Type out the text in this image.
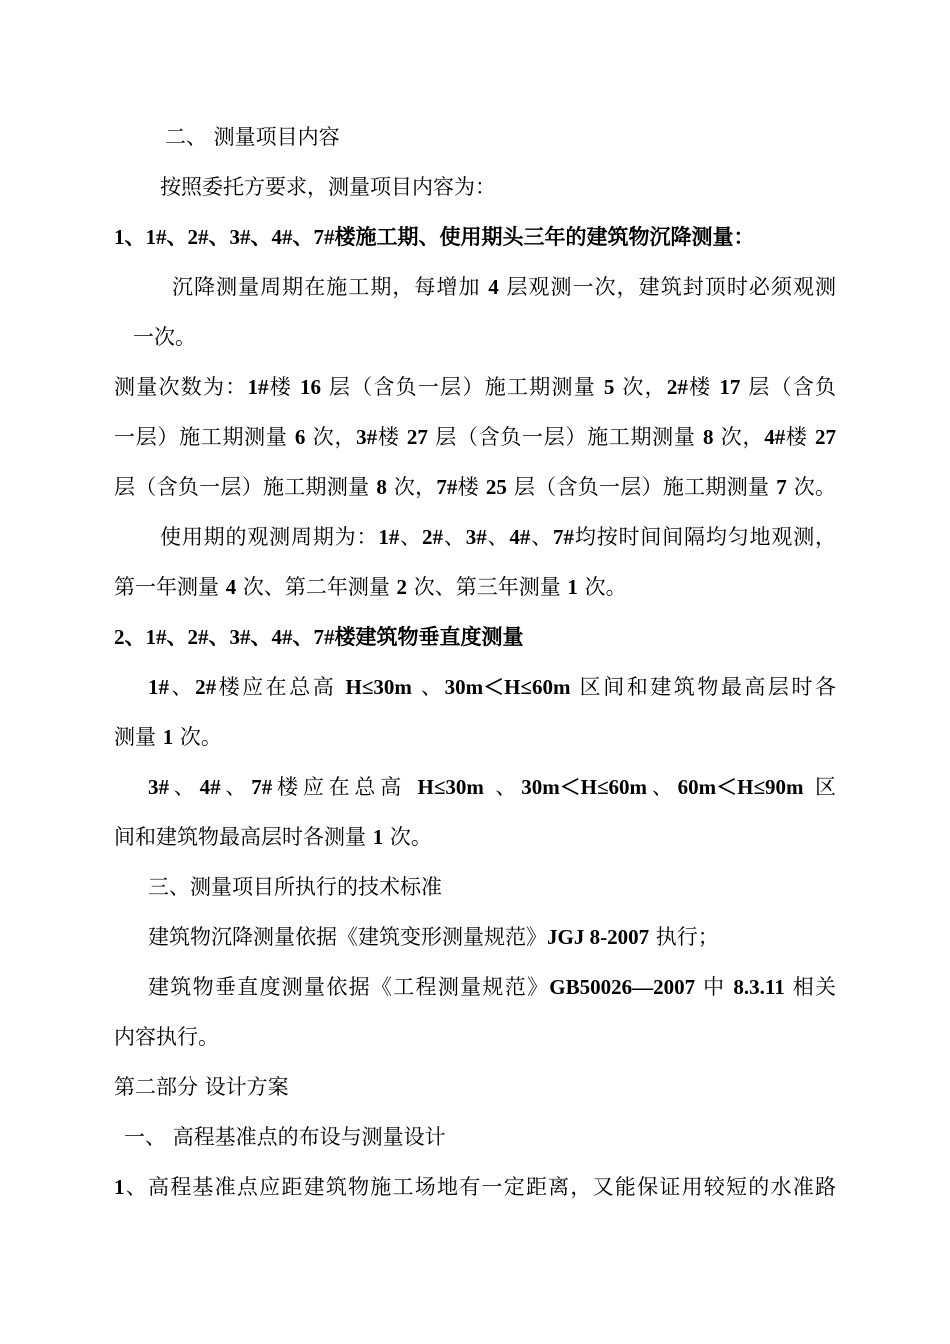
二、 测量项目内容
按照委托方要求，测量项目内容为：
1、1#、2#、3#、4#、7#楼施工期、使用期头三年的建筑物沉降测量：
沉降测量周期在施工期，每增加 4 层观测一次，建筑封顶时必须观测
一次。
测量次数为：1#楼 16 层（含负一层）施工期测量 5 次，2#楼 17 层（含负
一层）施工期测量 6 次，3#楼 27 层（含负一层）施工期测量 8 次，4#楼 27
层（含负一层）施工期测量 8 次，7#楼 25 层（含负一层）施工期测量 7 次。
使用期的观测周期为：1#、2#、3#、4#、7#均按时间间隔均匀地观测，
第一年测量 4 次、第二年测量 2 次、第三年测量 1 次。
2、1#、2#、3#、4#、7#楼建筑物垂直度测量
1#、2#楼应在总高 H≤30m 、30m＜H≤60m 区间和建筑物最高层时各
测量 1 次。
3#、4#、7#楼应在总高 H≤30m 、30m＜H≤60m、60m＜H≤90m 区
间和建筑物最高层时各测量 1 次。
三、测量项目所执行的技术标准
建筑物沉降测量依据《建筑变形测量规范》JGJ 8-2007 执行；
建筑物垂直度测量依据《工程测量规范》GB50026—2007 中 8.3.11 相关
内容执行。
第二部分 设计方案
一、 高程基准点的布设与测量设计
1、高程基准点应距建筑物施工场地有一定距离，又能保证用较短的水准路
